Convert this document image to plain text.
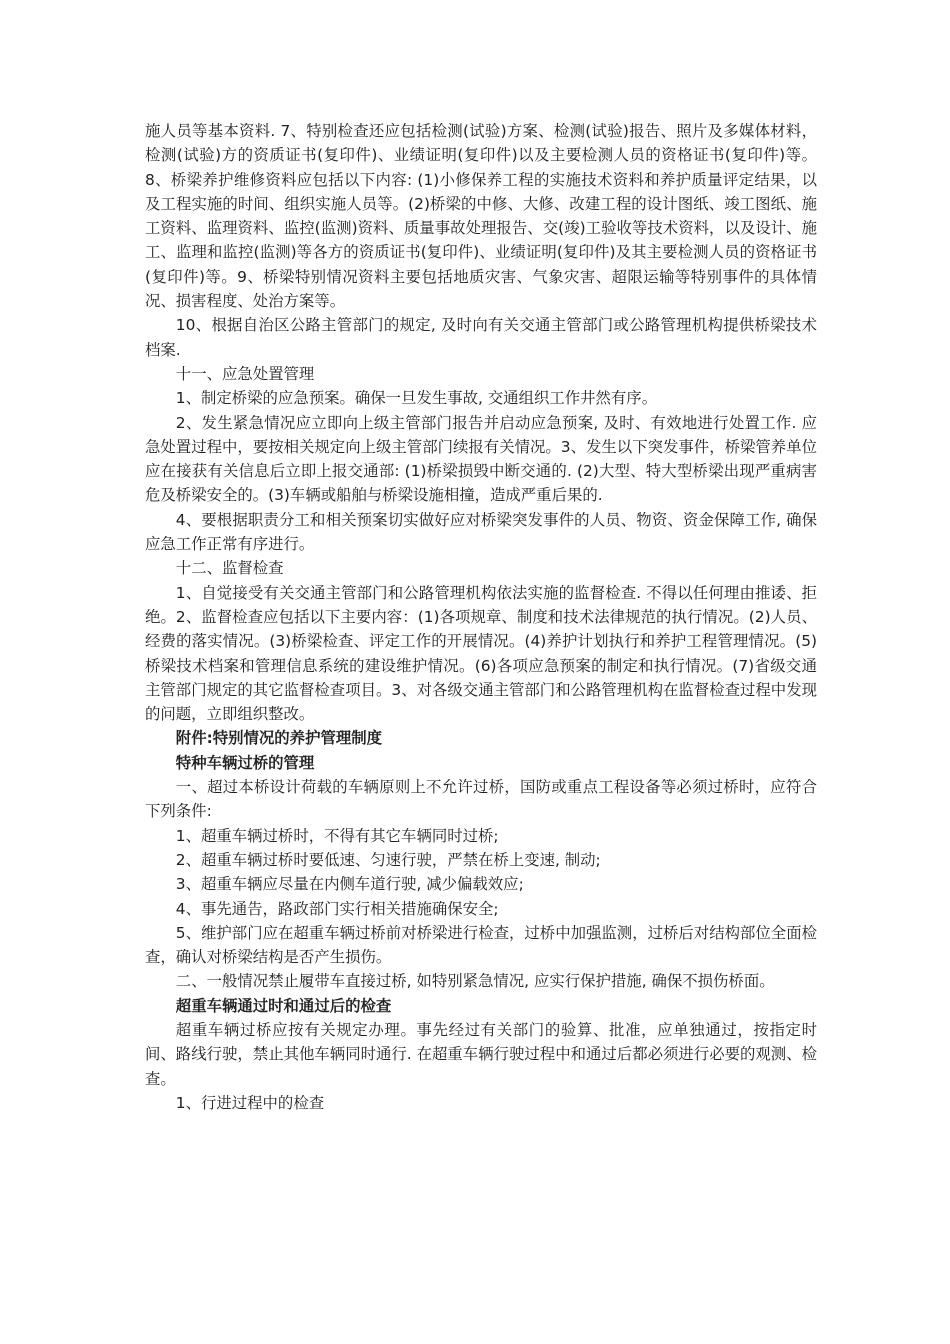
施人员等基本资料. 7、特别检查还应包括检测(试验)方案、检测(试验)报告、照片及多媒体材料，检测(试验)方的资质证书(复印件)、业绩证明(复印件)以及主要检测人员的资格证书(复印件)等。8、桥梁养护维修资料应包括以下内容: (1)小修保养工程的实施技术资料和养护质量评定结果，以及工程实施的时间、组织实施人员等。(2)桥梁的中修、大修、改建工程的设计图纸、竣工图纸、施工资料、监理资料、监控(监测)资料、质量事故处理报告、交(竣)工验收等技术资料，以及设计、施工、监理和监控(监测)等各方的资质证书(复印件)、业绩证明(复印件)及其主要检测人员的资格证书(复印件)等。9、桥梁特别情况资料主要包括地质灾害、气象灾害、超限运输等特别事件的具体情况、损害程度、处治方案等。

10、根据自治区公路主管部门的规定, 及时向有关交通主管部门或公路管理机构提供桥梁技术档案.

十一、应急处置管理

1、制定桥梁的应急预案。确保一旦发生事故, 交通组织工作井然有序。

2、发生紧急情况应立即向上级主管部门报告并启动应急预案, 及时、有效地进行处置工作. 应急处置过程中，要按相关规定向上级主管部门续报有关情况。3、发生以下突发事件，桥梁管养单位应在接获有关信息后立即上报交通部: (1)桥梁损毁中断交通的. (2)大型、特大型桥梁出现严重病害危及桥梁安全的。(3)车辆或船舶与桥梁设施相撞，造成严重后果的.

4、要根据职责分工和相关预案切实做好应对桥梁突发事件的人员、物资、资金保障工作, 确保应急工作正常有序进行。

十二、监督检查

1、自觉接受有关交通主管部门和公路管理机构依法实施的监督检查. 不得以任何理由推诿、拒绝。2、监督检查应包括以下主要内容：(1)各项规章、制度和技术法律规范的执行情况。(2)人员、经费的落实情况。(3)桥梁检查、评定工作的开展情况。(4)养护计划执行和养护工程管理情况。(5)桥梁技术档案和管理信息系统的建设维护情况。(6)各项应急预案的制定和执行情况。(7)省级交通主管部门规定的其它监督检查项目。3、对各级交通主管部门和公路管理机构在监督检查过程中发现的问题，立即组织整改。

附件:特别情况的养护管理制度

特种车辆过桥的管理

一、超过本桥设计荷载的车辆原则上不允许过桥，国防或重点工程设备等必须过桥时，应符合下列条件:

1、超重车辆过桥时，不得有其它车辆同时过桥;

2、超重车辆过桥时要低速、匀速行驶，严禁在桥上变速, 制动;

3、超重车辆应尽量在内侧车道行驶, 减少偏载效应;

4、事先通告，路政部门实行相关措施确保安全;

5、维护部门应在超重车辆过桥前对桥梁进行检查，过桥中加强监测，过桥后对结构部位全面检查，确认对桥梁结构是否产生损伤。

二、一般情况禁止履带车直接过桥, 如特别紧急情况, 应实行保护措施, 确保不损伤桥面。

超重车辆通过时和通过后的检查

超重车辆过桥应按有关规定办理。事先经过有关部门的验算、批准，应单独通过，按指定时间、路线行驶，禁止其他车辆同时通行. 在超重车辆行驶过程中和通过后都必须进行必要的观测、检查。

1、行进过程中的检查
